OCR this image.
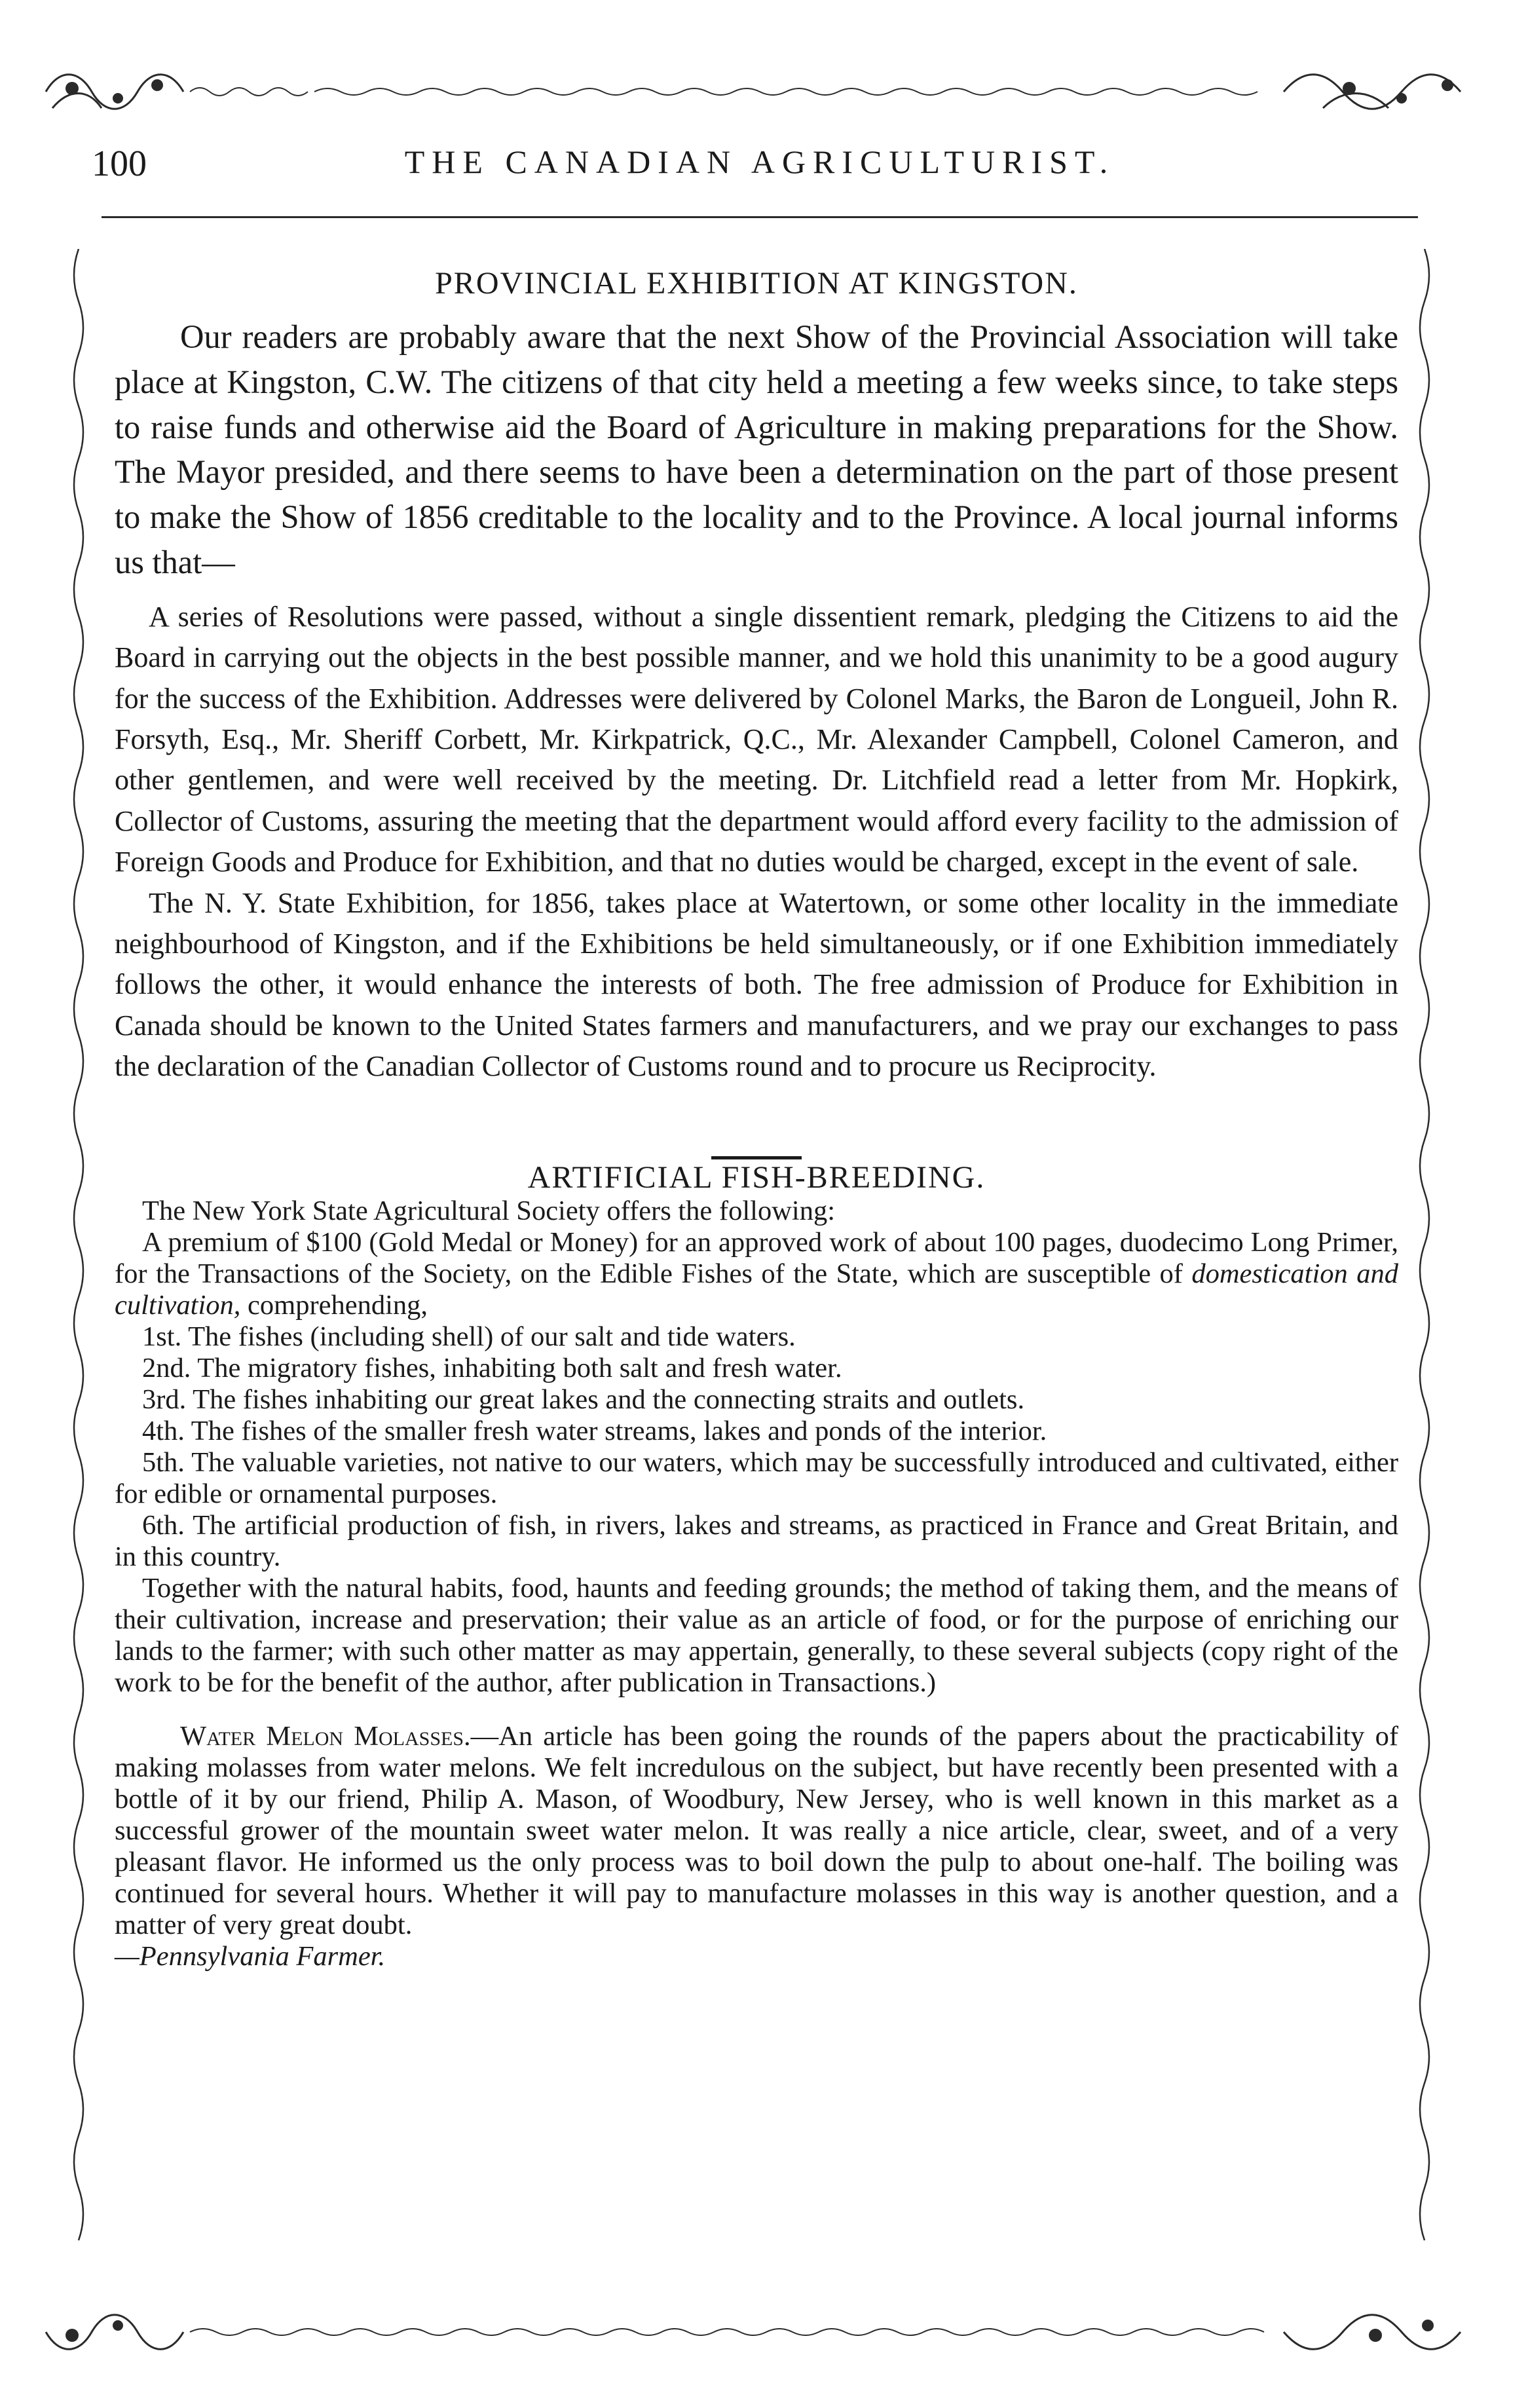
100	THE CANADIAN AGRICULTURIST.
PROVINCIAL EXHIBITION AT KINGSTON.

Our readers are probably aware that the next Show of the Provincial Association will take place at Kingston, C.W. The citizens of that city held a meeting a few weeks since, to take steps to raise funds and otherwise aid the Board of Agriculture in making preparations for the Show. The Mayor presided, and there seems to have been a determination on the part of those present to make the Show of 1856 creditable to the locality and to the Province. A local journal informs us that—

A series of Resolutions were passed, without a single dissentient remark, pledging the Citizens to aid the Board in carrying out the objects in the best possible manner, and we hold this unanimity to be a good augury for the success of the Exhibition. Addresses were delivered by Colonel Marks, the Baron de Longueil, John R. Forsyth, Esq., Mr. Sheriff Corbett, Mr. Kirkpatrick, Q.C., Mr. Alexander Campbell, Colonel Cameron, and other gentlemen, and were well received by the meeting. Dr. Litchfield read a letter from Mr. Hopkirk, Collector of Customs, assuring the meeting that the department would afford every facility to the admission of Foreign Goods and Produce for Exhibition, and that no duties would be charged, except in the event of sale.

The N. Y. State Exhibition, for 1856, takes place at Watertown, or some other locality in the immediate neighbourhood of Kingston, and if the Exhibitions be held simultaneously, or if one Exhibition immediately follows the other, it would enhance the interests of both. The free admission of Produce for Exhibition in Canada should be known to the United States farmers and manufacturers, and we pray our exchanges to pass the declaration of the Canadian Collector of Customs round and to procure us Reciprocity.

ARTIFICIAL FISH-BREEDING.

The New York State Agricultural Society offers the following:

A premium of $100 (Gold Medal or Money) for an approved work of about 100 pages, duodecimo Long Primer, for the Transactions of the Society, on the Edible Fishes of the State, which are susceptible of domestication and cultivation, comprehending,

1st. The fishes (including shell) of our salt and tide waters.

2nd. The migratory fishes, inhabiting both salt and fresh water.

3rd. The fishes inhabiting our great lakes and the connecting straits and outlets.

4th. The fishes of the smaller fresh water streams, lakes and ponds of the interior.

5th. The valuable varieties, not native to our waters, which may be successfully introduced and cultivated, either for edible or ornamental purposes.

6th. The artificial production of fish, in rivers, lakes and streams, as practiced in France and Great Britain, and in this country.

Together with the natural habits, food, haunts and feeding grounds; the method of taking them, and the means of their cultivation, increase and preservation; their value as an article of food, or for the purpose of enriching our lands to the farmer; with such other matter as may appertain, generally, to these several subjects (copy right of the work to be for the benefit of the author, after publication in Transactions.)

Water Melon Molasses.—An article has been going the rounds of the papers about the practicability of making molasses from water melons. We felt incredulous on the subject, but have recently been presented with a bottle of it by our friend, Philip A. Mason, of Woodbury, New Jersey, who is well known in this market as a successful grower of the mountain sweet water melon. It was really a nice article, clear, sweet, and of a very pleasant flavor. He informed us the only process was to boil down the pulp to about one-half. The boiling was continued for several hours. Whether it will pay to manufacture molasses in this way is another question, and a matter of very great doubt.

—Pennsylvania Farmer.
